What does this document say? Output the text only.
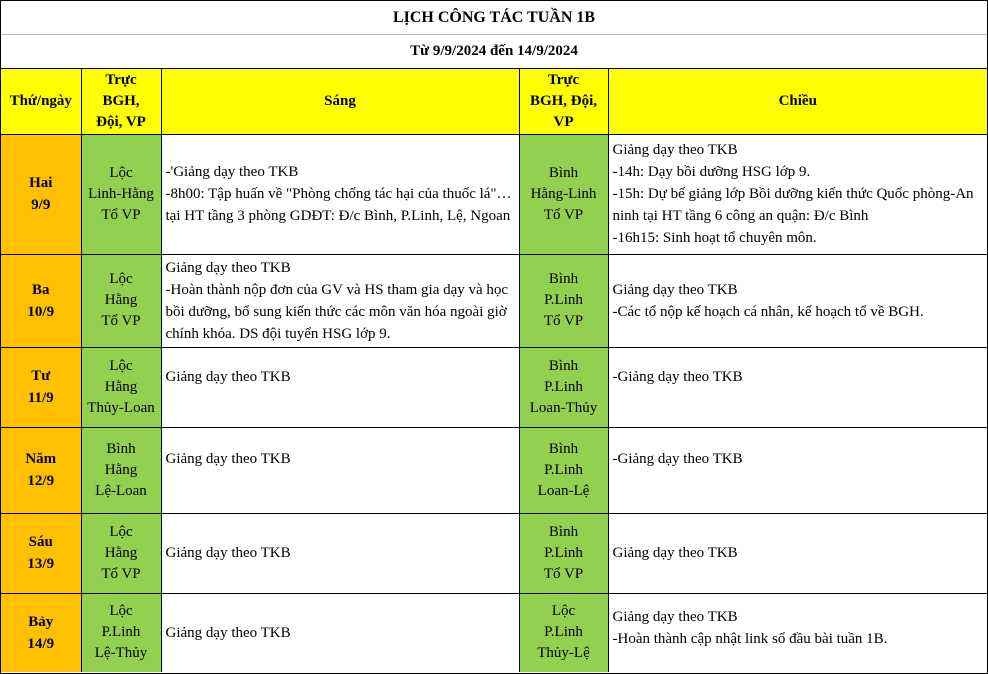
LỊCH CÔNG TÁC TUẦN 1B
Từ 9/9/2024 đến 14/9/2024
Thứ/ngày	Trực
BGH,
Đội, VP	Sáng	Trực
BGH, Đội,
VP	Chiều

Hai
9/9	Lộc
Linh-Hằng
Tổ VP	-'Giảng dạy theo TKB
-8h00: Tập huấn về "Phòng chống tác hại của thuốc lá"…tại HT tầng 3 phòng GDĐT: Đ/c Bình, P.Linh, Lệ, Ngoan	Bình
Hằng-Linh
Tổ VP	Giảng dạy theo TKB
-14h: Dạy bồi dưỡng HSG lớp 9.
-15h: Dự bế giảng lớp Bồi dưỡng kiến thức Quốc phòng-An ninh tại HT tầng 6 công an quận: Đ/c Bình
-16h15: Sinh hoạt tổ chuyên môn.

Ba
10/9	Lộc
Hằng
Tổ VP	Giảng dạy theo TKB
-Hoàn thành nộp đơn của GV và HS tham gia dạy và học bồi dưỡng, bổ sung kiến thức các môn văn hóa ngoài giờ chính khóa. DS đội tuyển HSG lớp 9.	Bình
P.Linh
Tổ VP	Giảng dạy theo TKB
-Các tổ nộp kế hoạch cá nhân, kế hoạch tổ về BGH.

Tư
11/9	Lộc
Hằng
Thủy-Loan	Giảng dạy theo TKB	Bình
P.Linh
Loan-Thủy	-Giảng dạy theo TKB

Năm
12/9	Bình
Hằng
Lệ-Loan	Giảng dạy theo TKB	Bình
P.Linh
Loan-Lệ	-Giảng dạy theo TKB

Sáu
13/9	Lộc
Hằng
Tổ VP	Giảng dạy theo TKB	Bình
P.Linh
Tổ VP	Giảng dạy theo TKB

Bảy
14/9	Lộc
P.Linh
Lệ-Thủy	Giảng dạy theo TKB	Lộc
P.Linh
Thủy-Lệ	Giảng dạy theo TKB
-Hoàn thành cập nhật link sổ đầu bài tuần 1B.
